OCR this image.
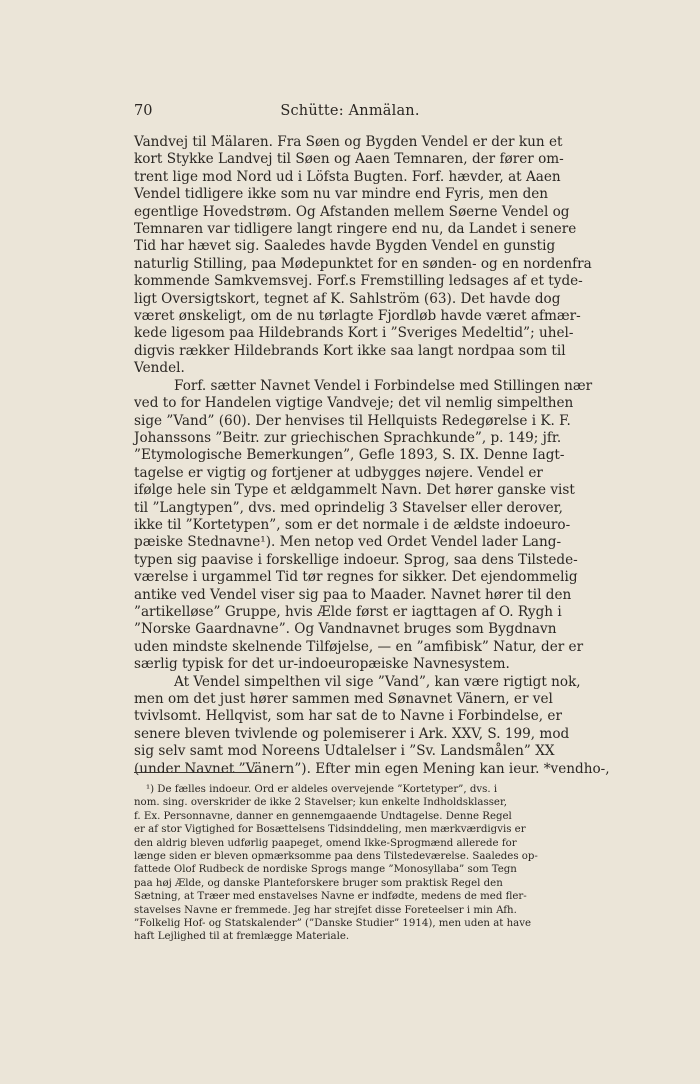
70	Schütte: Anmälan.
Vandvej til Mälaren. Fra Søen og Bygden Vendel er der kun et
kort Stykke Landvej til Søen og Aaen Temnaren, der fører om-
trent lige mod Nord ud i Löfsta Bugten. Forf. hævder, at Aaen
Vendel tidligere ikke som nu var mindre end Fyris, men den
egentlige Hovedstrøm. Og Afstanden mellem Søerne Vendel og
Temnaren var tidligere langt ringere end nu, da Landet i senere
Tid har hævet sig. Saaledes havde Bygden Vendel en gunstig
naturlig Stilling, paa Mødepunktet for en sønden- og en nordenfra
kommende Samkvemsvej. Forf.s Fremstilling ledsages af et tyde-
ligt Oversigtskort, tegnet af K. Sahlström (63). Det havde dog
været ønskeligt, om de nu tørlagte Fjordløb havde været afmær-
kede ligesom paa Hildebrands Kort i ”Sveriges Medeltid”; uhel-
digvis rækker Hildebrands Kort ikke saa langt nordpaa som til
Vendel.
Forf. sætter Navnet Vendel i Forbindelse med Stillingen nær
ved to for Handelen vigtige Vandveje; det vil nemlig simpelthen
sige ”Vand” (60). Der henvises til Hellquists Redegørelse i K. F.
Johanssons ”Beitr. zur griechischen Sprachkunde”, p. 149; jfr.
”Etymologische Bemerkungen”, Gefle 1893, S. IX. Denne Iagt-
tagelse er vigtig og fortjener at udbygges nøjere. Vendel er
ifølge hele sin Type et ældgammelt Navn. Det hører ganske vist
til ”Langtypen”, dvs. med oprindelig 3 Stavelser eller derover,
ikke til ”Kortetypen”, som er det normale i de ældste indoeuro-
pæiske Stednavne¹). Men netop ved Ordet Vendel lader Lang-
typen sig paavise i forskellige indoeur. Sprog, saa dens Tilstede-
værelse i urgammel Tid tør regnes for sikker. Det ejendommelig
antike ved Vendel viser sig paa to Maader. Navnet hører til den
”artikelløse” Gruppe, hvis Ælde først er iagttagen af O. Rygh i
”Norske Gaardnavne”. Og Vandnavnet bruges som Bygdnavn
uden mindste skelnende Tilføjelse, — en ”amfibisk” Natur, der er
særlig typisk for det ur-indoeuropæiske Navnesystem.
At Vendel simpelthen vil sige ”Vand”, kan være rigtigt nok,
men om det just hører sammen med Sønavnet Vänern, er vel
tvivlsomt. Hellqvist, som har sat de to Navne i Forbindelse, er
senere bleven tvivlende og polemiserer i Ark. XXV, S. 199, mod
sig selv samt mod Noreens Udtalelser i ”Sv. Landsmålen” XX
(under Navnet ”Vänern”). Efter min egen Mening kan ieur. *vendho-,
¹) De fælles indoeur. Ord er aldeles overvejende ”Kortetyper”, dvs. i
nom. sing. overskrider de ikke 2 Stavelser; kun enkelte Indholdsklasser,
f. Ex. Personnavne, danner en gennemgaaende Undtagelse. Denne Regel
er af stor Vigtighed for Bosættelsens Tidsinddeling, men mærkværdigvis er
den aldrig bleven udførlig paapeget, omend Ikke-Sprogmænd allerede for
længe siden er bleven opmærksomme paa dens Tilstedeværelse. Saaledes op-
fattede Olof Rudbeck de nordiske Sprogs mange ”Monosyllaba” som Tegn
paa høj Ælde, og danske Planteforskere bruger som praktisk Regel den
Sætning, at Træer med enstavelses Navne er indfødte, medens de med fler-
stavelses Navne er fremmede. Jeg har strejfet disse Foreteelser i min Afh.
”Folkelig Hof- og Statskalender” (”Danske Studier” 1914), men uden at have
haft Lejlighed til at fremlægge Materiale.
